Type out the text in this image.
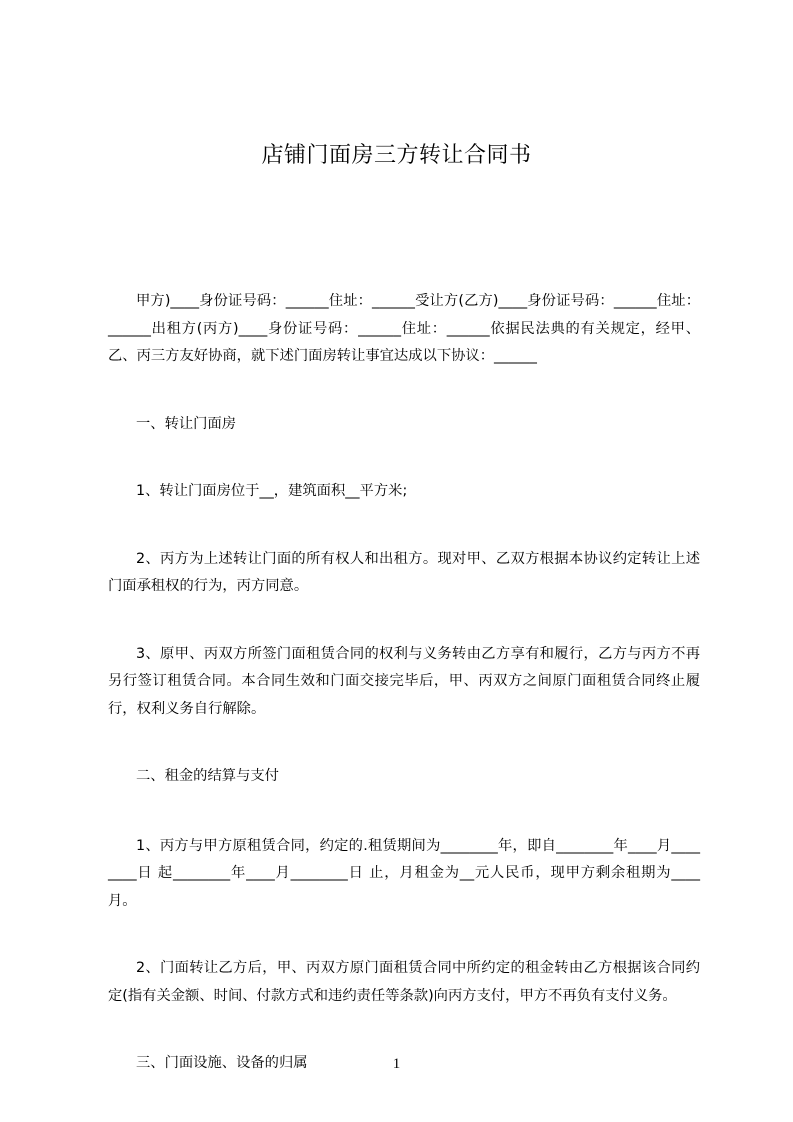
店铺门面房三方转让合同书

甲方)____身份证号码：______住址：______受让方(乙方)____身份证号码：______住址：______出租方(丙方)____身份证号码：______住址：______依据民法典的有关规定，经甲、乙、丙三方友好协商，就下述门面房转让事宜达成以下协议：______

一、转让门面房

1、转让门面房位于__，建筑面积__平方米;

2、丙方为上述转让门面的所有权人和出租方。现对甲、乙双方根据本协议约定转让上述门面承租权的行为，丙方同意。

3、原甲、丙双方所签门面租赁合同的权利与义务转由乙方享有和履行，乙方与丙方不再另行签订租赁合同。本合同生效和门面交接完毕后，甲、丙双方之间原门面租赁合同终止履行，权利义务自行解除。

二、租金的结算与支付

1、丙方与甲方原租赁合同，约定的.租赁期间为________年，即自________年____月________日 起________年____月________日 止，月租金为__元人民币，现甲方剩余租期为____月。

2、门面转让乙方后，甲、丙双方原门面租赁合同中所约定的租金转由乙方根据该合同约定(指有关金额、时间、付款方式和违约责任等条款)向丙方支付，甲方不再负有支付义务。

三、门面设施、设备的归属	1
